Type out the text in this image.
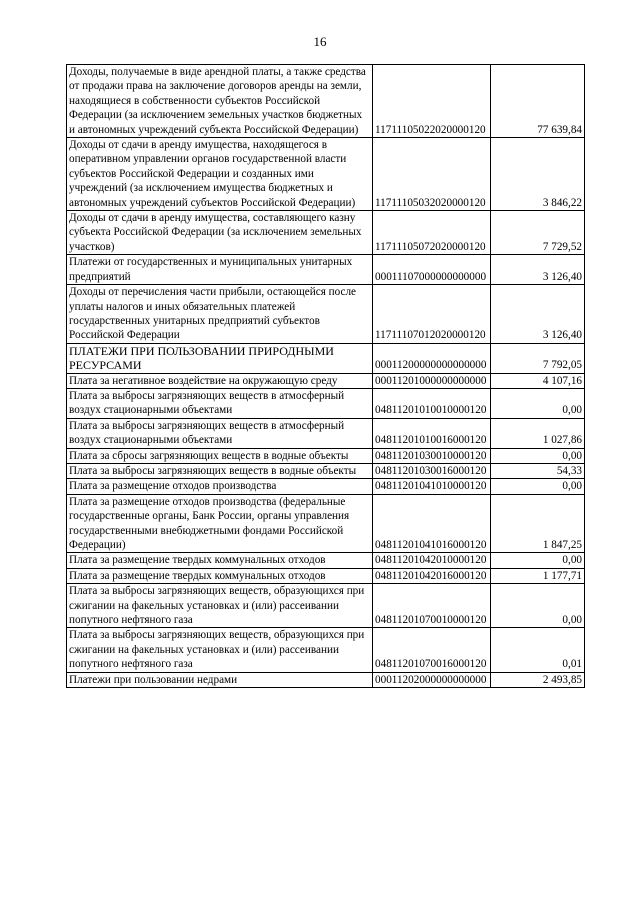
16
Доходы, получаемые в виде арендной платы, а также средства от продажи права на заключение договоров аренды на земли, находящиеся в собственности субъектов Российской Федерации (за исключением земельных участков бюджетных и автономных учреждений субъекта Российской Федерации)	11711105022020000120	77 639,84
Доходы от сдачи в аренду имущества, находящегося в оперативном управлении органов государственной власти субъектов Российской Федерации и созданных ими учреждений (за исключением имущества бюджетных и автономных учреждений субъектов Российской Федерации)	11711105032020000120	3 846,22
Доходы от сдачи в аренду имущества, составляющего казну субъекта Российской Федерации (за исключением земельных участков)	11711105072020000120	7 729,52
Платежи от государственных и муниципальных унитарных предприятий	00011107000000000000	3 126,40
Доходы от перечисления части прибыли, остающейся после уплаты налогов и иных обязательных платежей государственных унитарных предприятий субъектов Российской Федерации	11711107012020000120	3 126,40
ПЛАТЕЖИ ПРИ ПОЛЬЗОВАНИИ ПРИРОДНЫМИ РЕСУРСАМИ	00011200000000000000	7 792,05
Плата за негативное воздействие на окружающую среду	00011201000000000000	4 107,16
Плата за выбросы загрязняющих веществ в атмосферный воздух стационарными объектами	04811201010010000120	0,00
Плата за выбросы загрязняющих веществ в атмосферный воздух стационарными объектами	04811201010016000120	1 027,86
Плата за сбросы загрязняющих веществ в водные объекты	04811201030010000120	0,00
Плата за выбросы загрязняющих веществ в водные объекты	04811201030016000120	54,33
Плата за размещение отходов производства	04811201041010000120	0,00
Плата за размещение отходов производства (федеральные государственные органы, Банк России, органы управления государственными внебюджетными фондами Российской Федерации)	04811201041016000120	1 847,25
Плата за размещение твердых коммунальных отходов	04811201042010000120	0,00
Плата за размещение твердых коммунальных отходов	04811201042016000120	1 177,71
Плата за выбросы загрязняющих веществ, образующихся при сжигании на факельных установках и (или) рассеивании попутного нефтяного газа	04811201070010000120	0,00
Плата за выбросы загрязняющих веществ, образующихся при сжигании на факельных установках и (или) рассеивании попутного нефтяного газа	04811201070016000120	0,01
Платежи при пользовании недрами	00011202000000000000	2 493,85
